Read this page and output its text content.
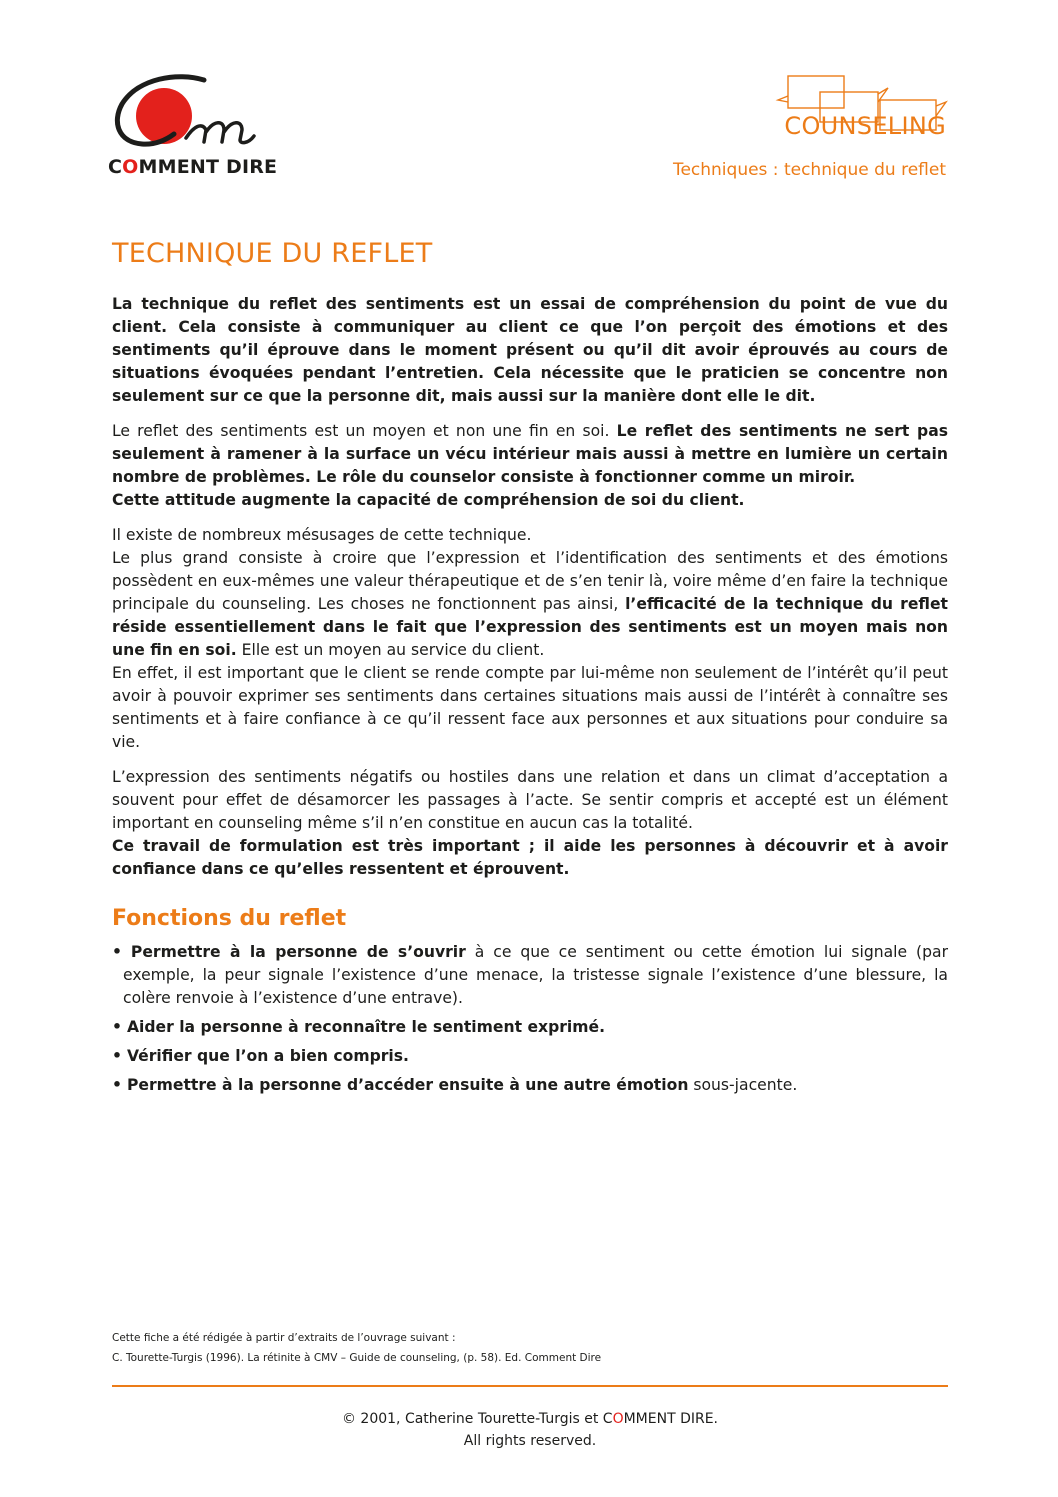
COMMENT DIRE
COUNSELING
Techniques : technique du reflet
TECHNIQUE DU REFLET

La technique du reflet des sentiments est un essai de compréhension du point de vue du client. Cela consiste à communiquer au client ce que l’on perçoit des émotions et des sentiments qu’il éprouve dans le moment présent ou qu’il dit avoir éprouvés au cours de situations évoquées pendant l’entretien. Cela nécessite que le praticien se concentre non seulement sur ce que la personne dit, mais aussi sur la manière dont elle le dit.

Le reflet des sentiments est un moyen et non une fin en soi. Le reflet des sentiments ne sert pas seulement à ramener à la surface un vécu intérieur mais aussi à mettre en lumière un certain nombre de problèmes. Le rôle du counselor consiste à fonctionner comme un miroir.

Cette attitude augmente la capacité de compréhension de soi du client.

Il existe de nombreux mésusages de cette technique.

Le plus grand consiste à croire que l’expression et l’identification des sentiments et des émotions possèdent en eux-mêmes une valeur thérapeutique et de s’en tenir là, voire même d’en faire la technique principale du counseling. Les choses ne fonctionnent pas ainsi, l’efficacité de la technique du reflet réside essentiellement dans le fait que l’expression des sentiments est un moyen mais non une fin en soi. Elle est un moyen au service du client.

En effet, il est important que le client se rende compte par lui-même non seulement de l’intérêt qu’il peut avoir à pouvoir exprimer ses sentiments dans certaines situations mais aussi de l’intérêt à connaître ses sentiments et à faire confiance à ce qu’il ressent face aux personnes et aux situations pour conduire sa vie.

L’expression des sentiments négatifs ou hostiles dans une relation et dans un climat d’acceptation a souvent pour effet de désamorcer les passages à l’acte. Se sentir compris et accepté est un élément important en counseling même s’il n’en constitue en aucun cas la totalité.

Ce travail de formulation est très important ; il aide les personnes à découvrir et à avoir confiance dans ce qu’elles ressentent et éprouvent.

Fonctions du reflet
• Permettre à la personne de s’ouvrir à ce que ce sentiment ou cette émotion lui signale (par exemple, la peur signale l’existence d’une menace, la tristesse signale l’existence d’une blessure, la colère renvoie à l’existence d’une entrave).
• Aider la personne à reconnaître le sentiment exprimé.
• Vérifier que l’on a bien compris.
• Permettre à la personne d’accéder ensuite à une autre émotion sous-jacente.
Cette fiche a été rédigée à partir d’extraits de l’ouvrage suivant :
C. Tourette-Turgis (1996). La rétinite à CMV – Guide de counseling, (p. 58). Ed. Comment Dire
© 2001, Catherine Tourette-Turgis et COMMENT DIRE.
All rights reserved.
